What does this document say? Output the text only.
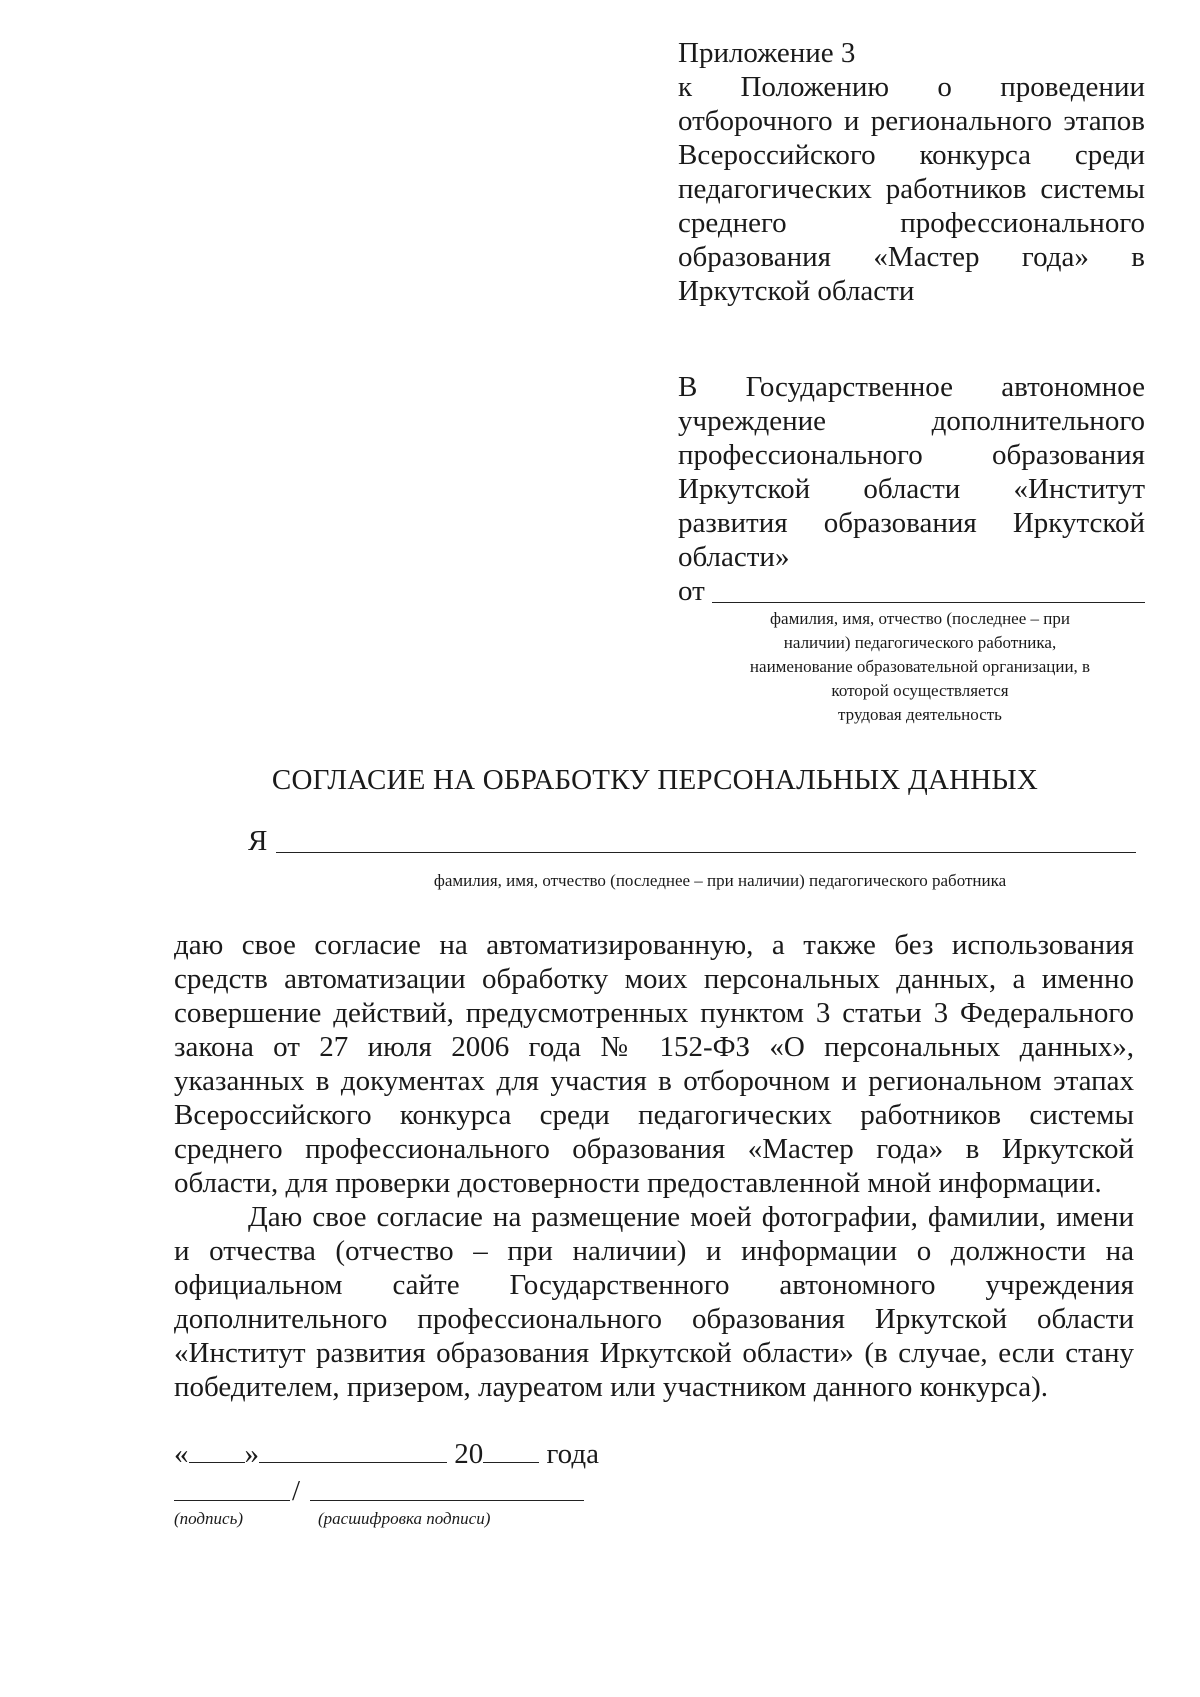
Приложение 3
к Положению о проведении отборочного и регионального этапов Всероссийского конкурса среди педагогических работников системы среднего профессионального образования «Мастер года» в Иркутской области
В Государственное автономное учреждение дополнительного профессионального образования Иркутской области «Институт развития образования Иркутской области»
от
фамилия, имя, отчество (последнее – при
наличии) педагогического работника,
наименование образовательной организации, в
которой осуществляется
трудовая деятельность
СОГЛАСИЕ НА ОБРАБОТКУ ПЕРСОНАЛЬНЫХ ДАННЫХ
Я
фамилия, имя, отчество (последнее – при наличии) педагогического работника

даю свое согласие на автоматизированную, а также без использования средств автоматизации обработку моих персональных данных, а именно совершение действий, предусмотренных пунктом 3 статьи 3 Федерального закона от 27 июля 2006 года № 152-ФЗ «О персональных данных», указанных в документах для участия в отборочном и региональном этапах Всероссийского конкурса среди педагогических работников системы среднего профессионального образования «Мастер года» в Иркутской области, для проверки достоверности предоставленной мной информации.

Даю свое согласие на размещение моей фотографии, фамилии, имени и отчества (отчество – при наличии) и информации о должности на официальном сайте Государственного автономного учреждения дополнительного профессионального образования Иркутской области «Институт развития образования Иркутской области» (в случае, если стану победителем, призером, лауреатом или участником данного конкурса).

« »	20 года
/
(подпись)	(расшифровка подписи)
